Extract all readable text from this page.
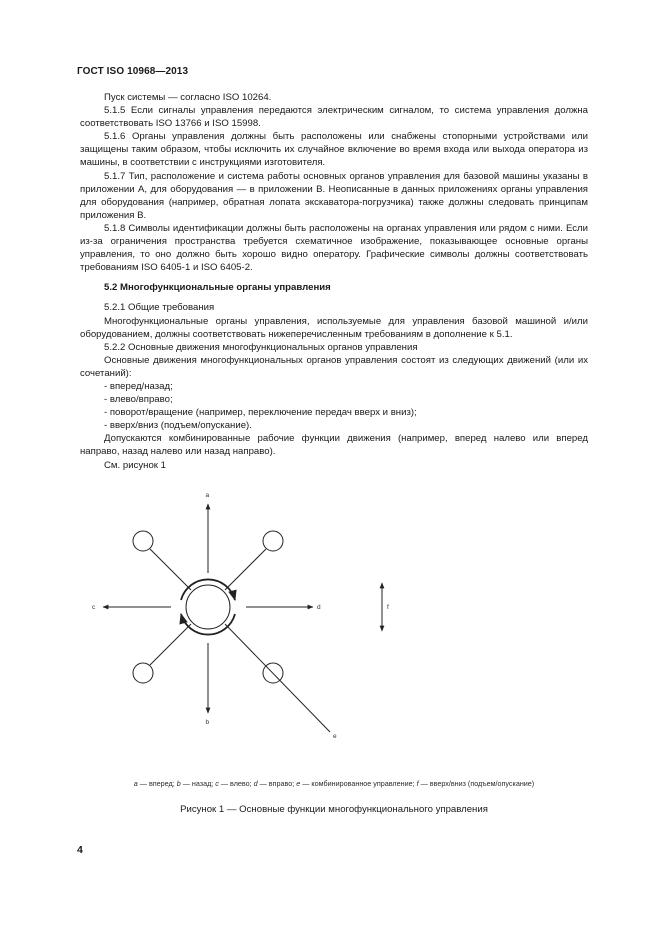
ГОСТ ISO 10968—2013

Пуск системы — согласно ISO 10264.

5.1.5 Если сигналы управления передаются электрическим сигналом, то система управления должна соответствовать ISO 13766 и ISO 15998.

5.1.6 Органы управления должны быть расположены или снабжены стопорными устройствами или защищены таким образом, чтобы исключить их случайное включение во время входа или выхода оператора из машины, в соответствии с инструкциями изготовителя.

5.1.7 Тип, расположение и система работы основных органов управления для базовой машины указаны в приложении А, для оборудования — в приложении В. Неописанные в данных приложениях органы управления для оборудования (например, обратная лопата экскаватора-погрузчика) также должны следовать принципам приложения В.

5.1.8 Символы идентификации должны быть расположены на органах управления или рядом с ними. Если из-за ограничения пространства требуется схематичное изображение, показывающее основные органы управления, то оно должно быть хорошо видно оператору. Графические символы должны соответствовать требованиям ISO 6405-1 и ISO 6405-2.

5.2 Многофункциональные органы управления

5.2.1 Общие требования

Многофункциональные органы управления, используемые для управления базовой машиной и/или оборудованием, должны соответствовать нижеперечисленным требованиям в дополнение к 5.1.

5.2.2 Основные движения многофункциональных органов управления

Основные движения многофункциональных органов управления состоят из следующих движений (или их сочетаний):

- вперед/назад;
- влево/вправо;
- поворот/вращение (например, переключение передач вверх и вниз);
- вверх/вниз (подъем/опускание).

Допускаются комбинированные рабочие функции движения (например, вперед налево или вперед направо, назад налево или назад направо).

См. рисунок 1

a
b
c	d
e
f
a — вперед; b — назад; c — влево; d — вправо; e — комбинированное управление; f — вверх/вниз (подъем/опускание)
Рисунок 1 — Основные функции многофункционального управления
4
